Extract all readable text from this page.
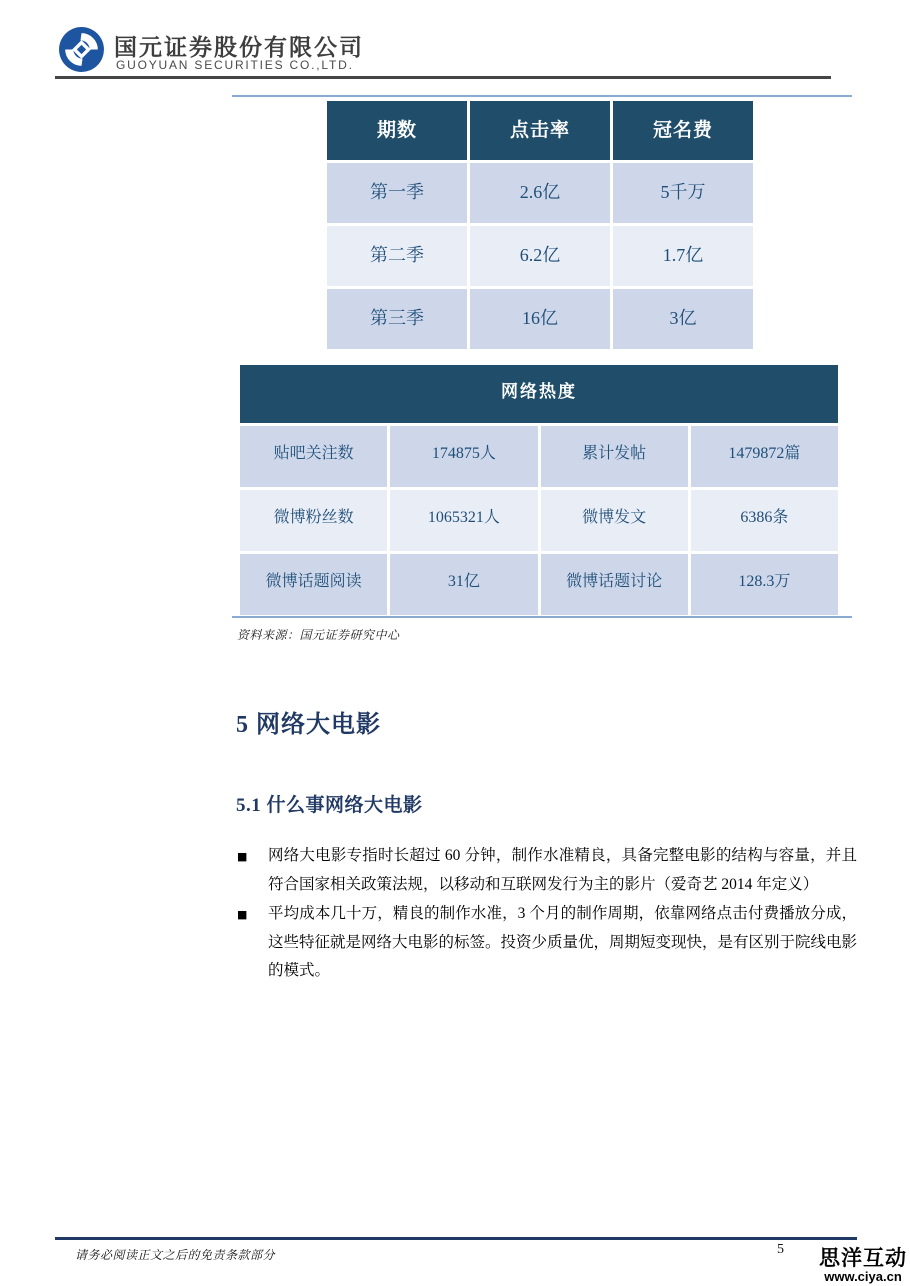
国元证券股份有限公司
GUOYUAN SECURITIES CO.,LTD.
期数	点击率	冠名费
第一季	2.6亿	5千万
第二季	6.2亿	1.7亿
第三季	16亿	3亿
网络热度
贴吧关注数	174875人	累计发帖	1479872篇
微博粉丝数	1065321人	微博发文	6386条
微博话题阅读	31亿	微博话题讨论	128.3万
资料来源：国元证券研究中心
5 网络大电影
5.1 什么事网络大电影
■	网络大电影专指时长超过 60 分钟，制作水准精良，具备完整电影的结构与容量，并且符合国家相关政策法规，以移动和互联网发行为主的影片（爱奇艺 2014 年定义）
■	平均成本几十万，精良的制作水准，3 个月的制作周期，依靠网络点击付费播放分成，这些特征就是网络大电影的标签。投资少质量优，周期短变现快，是有区别于院线电影的模式。
请务必阅读正文之后的免责条款部分	5 思洋互动
www.ciya.cn
